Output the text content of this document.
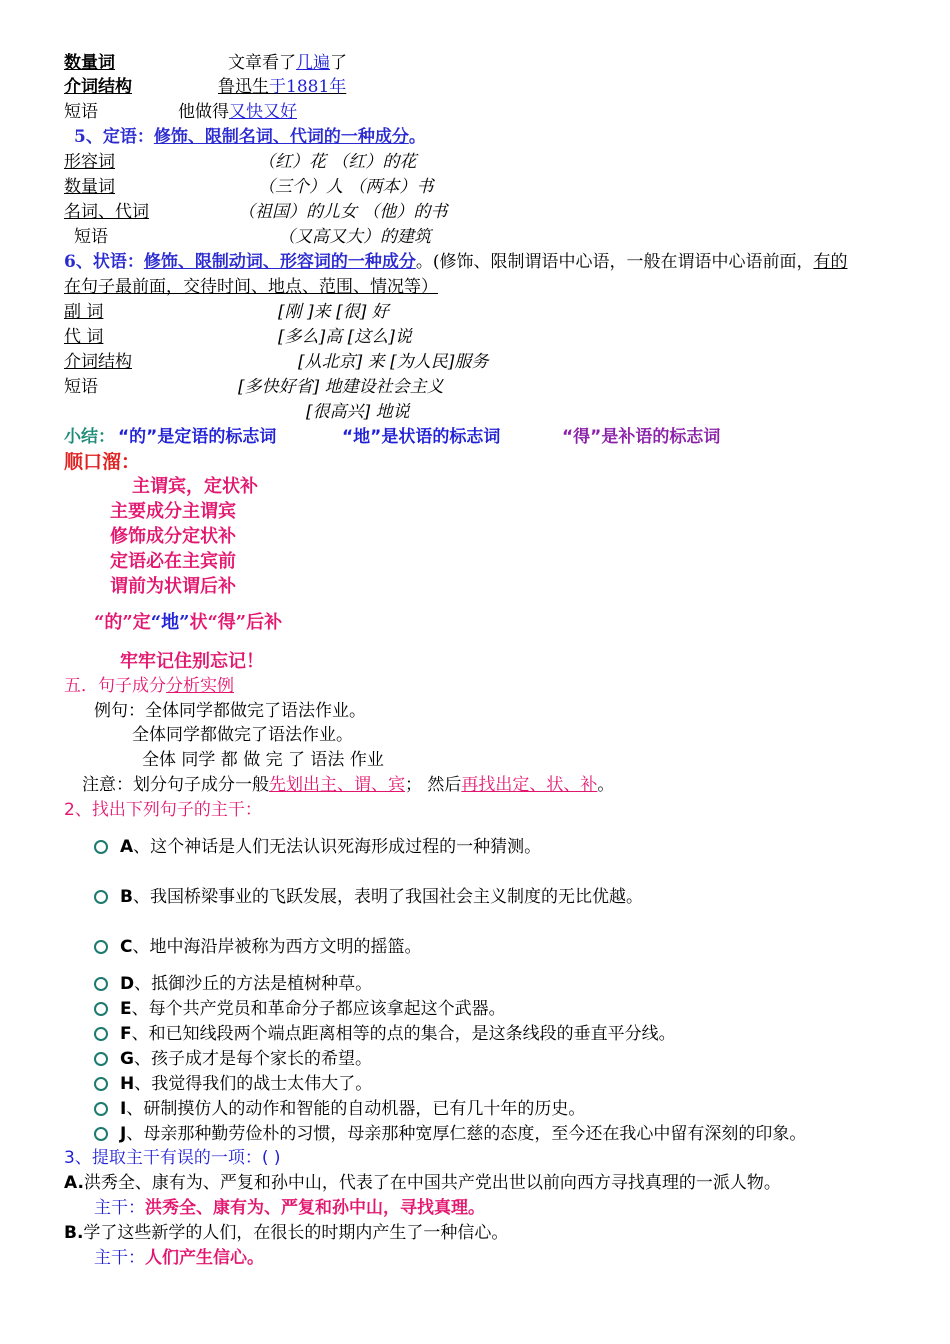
数量词	文章看了几遍了
介词结构	鲁迅生于1881年
短语	他做得又快又好
5、定语：修饰、限制名词、代词的一种成分。
形容词	（红）花 （红）的花
数量词	（三个）人 （两本）书
名词、代词	（祖国）的儿女 （他）的书
短语	（又高又大）的建筑
6、状语：修饰、限制动词、形容词的一种成分。(修饰、限制谓语中心语，一般在谓语中心语前面，有的
在句子最前面，交待时间、地点、范围、情况等）
副 词	[刚 ]来 [很] 好
代 词	[多么]高 [这么]说
介词结构	[从北京] 来 [为人民]服务
短语	[多快好省] 地建设社会主义
[很高兴] 地说
小结： “的”是定语的标志词	“地”是状语的标志词	“得”是补语的标志词
顺口溜：
主谓宾，定状补
主要成分主谓宾
修饰成分定状补
定语必在主宾前
谓前为状谓后补
“的”定“地”状“得”后补
牢牢记住别忘记！
五．句子成分分析实例
例句：全体同学都做完了语法作业。
全体同学都做完了语法作业。
全体 同学 都 做 完 了 语法 作业
注意：划分句子成分一般先划出主、谓、宾； 然后再找出定、状、补。
2、找出下列句子的主干：
A、这个神话是人们无法认识死海形成过程的一种猜测。
B、我国桥梁事业的飞跃发展，表明了我国社会主义制度的无比优越。
C、地中海沿岸被称为西方文明的摇篮。
D、抵御沙丘的方法是植树种草。
E、每个共产党员和革命分子都应该拿起这个武器。
F、和已知线段两个端点距离相等的点的集合，是这条线段的垂直平分线。
G、孩子成才是每个家长的希望。
H、我觉得我们的战士太伟大了。
I、研制摸仿人的动作和智能的自动机器，已有几十年的历史。
J、母亲那种勤劳俭朴的习惯，母亲那种宽厚仁慈的态度，至今还在我心中留有深刻的印象。
3、提取主干有误的一项：( )
A.洪秀全、康有为、严复和孙中山，代表了在中国共产党出世以前向西方寻找真理的一派人物。
主干：洪秀全、康有为、严复和孙中山，寻找真理。
B.学了这些新学的人们，在很长的时期内产生了一种信心。
主干：人们产生信心。
